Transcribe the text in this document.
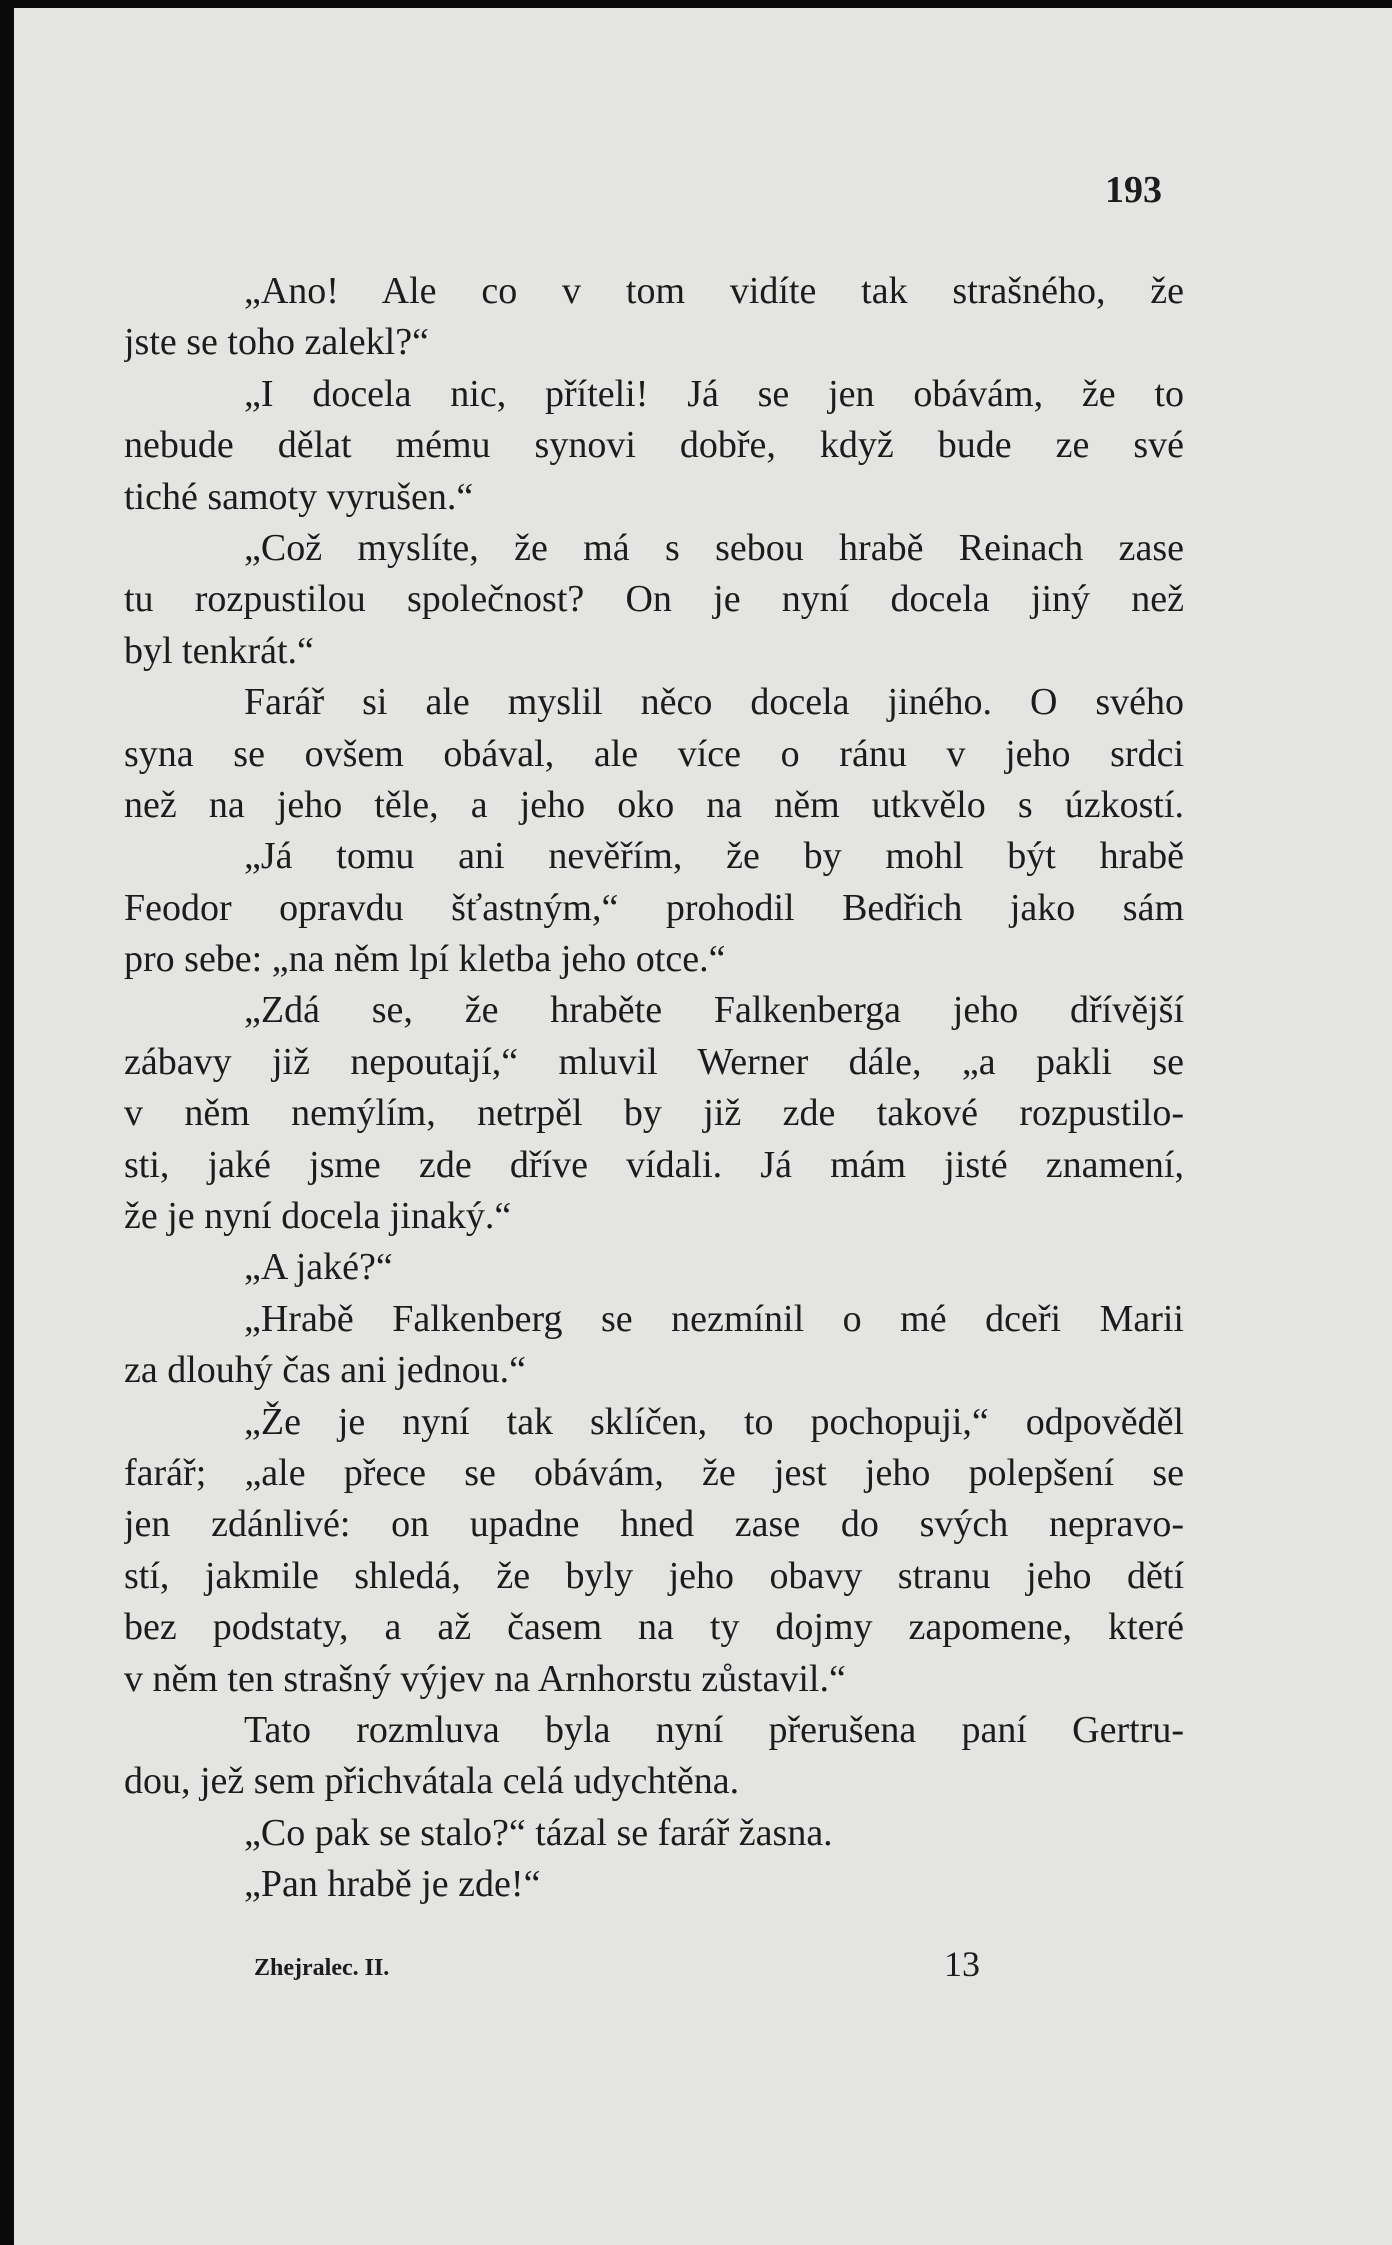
193
„Ano! Ale co v tom vidíte tak strašného, že
jste se toho zalekl?“
„I docela nic, příteli! Já se jen obávám, že to
nebude dělat mému synovi dobře, když bude ze své
tiché samoty vyrušen.“
„Což myslíte, že má s sebou hrabě Reinach zase
tu rozpustilou společnost? On je nyní docela jiný než
byl tenkrát.“
Farář si ale myslil něco docela jiného. O svého
syna se ovšem obával, ale více o ránu v jeho srdci
než na jeho těle, a jeho oko na něm utkvělo s úzkostí.
„Já tomu ani nevěřím, že by mohl být hrabě
Feodor opravdu šťastným,“ prohodil Bedřich jako sám
pro sebe: „na něm lpí kletba jeho otce.“
„Zdá se, že hraběte Falkenberga jeho dřívější
zábavy již nepoutají,“ mluvil Werner dále, „a pakli se
v něm nemýlím, netrpěl by již zde takové rozpustilo-
sti, jaké jsme zde dříve vídali. Já mám jisté znamení,
že je nyní docela jinaký.“
„A jaké?“
„Hrabě Falkenberg se nezmínil o mé dceři Marii
za dlouhý čas ani jednou.“
„Že je nyní tak sklíčen, to pochopuji,“ odpověděl
farář; „ale přece se obávám, že jest jeho polepšení se
jen zdánlivé: on upadne hned zase do svých nepravo-
stí, jakmile shledá, že byly jeho obavy stranu jeho dětí
bez podstaty, a až časem na ty dojmy zapomene, které
v něm ten strašný výjev na Arnhorstu zůstavil.“
Tato rozmluva byla nyní přerušena paní Gertru-
dou, jež sem přichvátala celá udychtěna.
„Co pak se stalo?“ tázal se farář žasna.
„Pan hrabě je zde!“
Zhejralec. II.	13
